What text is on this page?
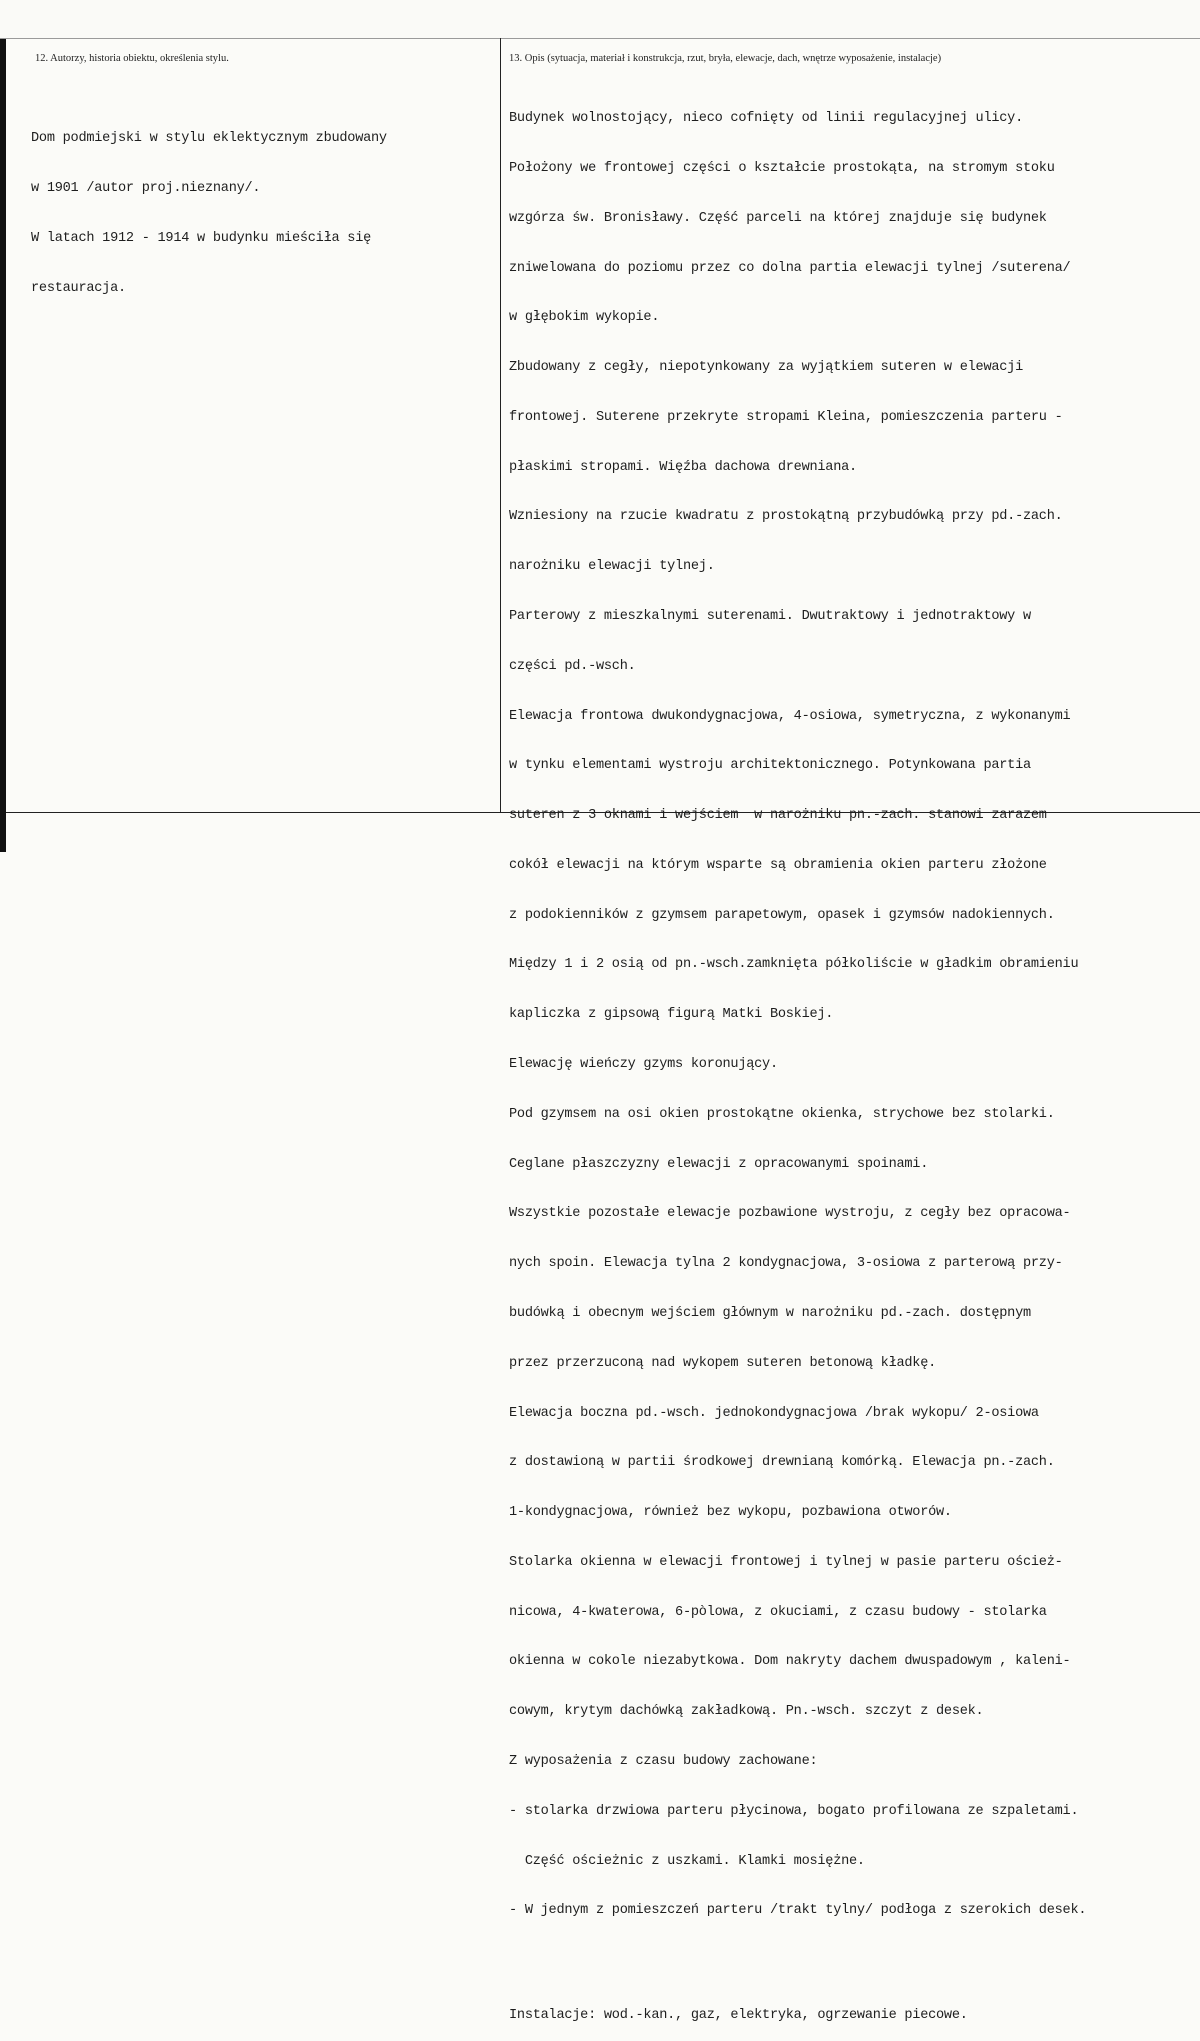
12. Autorzy, historia obiektu, określenia stylu.	13. Opis (sytuacja, materiał i konstrukcja, rzut, bryła, elewacje, dach, wnętrze wyposażenie, instalacje)

Dom podmiejski w stylu eklektycznym zbudowany

w 1901 /autor proj.nieznany/.

W latach 1912 - 1914 w budynku mieściła się

restauracja.

Budynek wolnostojący, nieco cofnięty od linii regulacyjnej ulicy.

Położony we frontowej części o kształcie prostokąta, na stromym stoku

wzgórza św. Bronisławy. Część parceli na której znajduje się budynek

zniwelowana do poziomu przez co dolna partia elewacji tylnej /suterena/

w głębokim wykopie.

Zbudowany z cegły, niepotynkowany za wyjątkiem suteren w elewacji

frontowej. Suterene przekryte stropami Kleina, pomieszczenia parteru -

płaskimi stropami. Więźba dachowa drewniana.

Wzniesiony na rzucie kwadratu z prostokątną przybudówką przy pd.-zach.

narożniku elewacji tylnej.

Parterowy z mieszkalnymi suterenami. Dwutraktowy i jednotraktowy w

części pd.-wsch.

Elewacja frontowa dwukondygnacjowa, 4-osiowa, symetryczna, z wykonanymi

w tynku elementami wystroju architektonicznego. Potynkowana partia

suteren z 3 oknami i wejściem  w narożniku pn.-zach. stanowi zarazem

cokół elewacji na którym wsparte są obramienia okien parteru złożone

z podokienników z gzymsem parapetowym, opasek i gzymsów nadokiennych.

Między 1 i 2 osią od pn.-wsch.zamknięta półkoliście w gładkim obramieniu

kapliczka z gipsową figurą Matki Boskiej.

Elewację wieńczy gzyms koronujący.

Pod gzymsem na osi okien prostokątne okienka, strychowe bez stolarki.

Ceglane płaszczyzny elewacji z opracowanymi spoinami.

Wszystkie pozostałe elewacje pozbawione wystroju, z cegły bez opracowa-

nych spoin. Elewacja tylna 2 kondygnacjowa, 3-osiowa z parterową przy-

budówką i obecnym wejściem głównym w narożniku pd.-zach. dostępnym

przez przerzuconą nad wykopem suteren betonową kładkę.

Elewacja boczna pd.-wsch. jednokondygnacjowa /brak wykopu/ 2-osiowa

z dostawioną w partii środkowej drewnianą komórką. Elewacja pn.-zach.

1-kondygnacjowa, również bez wykopu, pozbawiona otworów.

Stolarka okienna w elewacji frontowej i tylnej w pasie parteru oścież-

nicowa, 4-kwaterowa, 6-pòlowa, z okuciami, z czasu budowy - stolarka

okienna w cokole niezabytkowa. Dom nakryty dachem dwuspadowym , kaleni-

cowym, krytym dachówką zakładkową. Pn.-wsch. szczyt z desek.

Z wyposażenia z czasu budowy zachowane:

- stolarka drzwiowa parteru płycinowa, bogato profilowana ze szpaletami.

Część ościeżnic z uszkami. Klamki mosiężne.

- W jednym z pomieszczeń parteru /trakt tylny/ podłoga z szerokich desek.

Instalacje: wod.-kan., gaz, elektryka, ogrzewanie piecowe.
